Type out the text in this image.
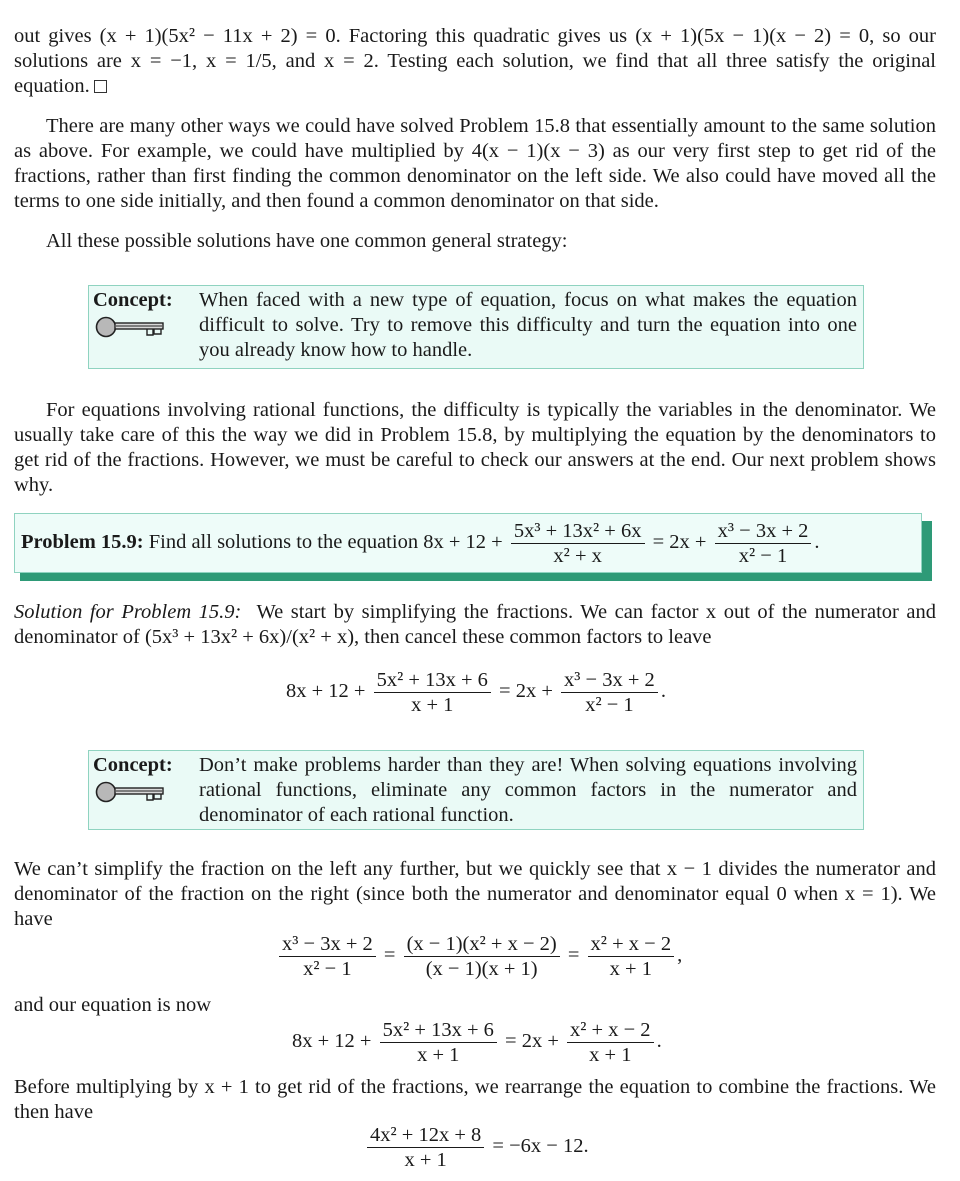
out gives (x + 1)(5x² − 11x + 2) = 0. Factoring this quadratic gives us (x + 1)(5x − 1)(x − 2) = 0, so our

solutions are x = −1, x = 1/5, and x = 2. Testing each solution, we find that all three satisfy the original

equation.

There are many other ways we could have solved Problem 15.8 that essentially amount to the same solution as above. For example, we could have multiplied by 4(x − 1)(x − 3) as our very first step to get rid of the fractions, rather than first finding the common denominator on the left side. We also could have moved all the terms to one side initially, and then found a common denominator on that side.

All these possible solutions have one common general strategy:

Concept: When faced with a new type of equation, focus on what makes the equation difficult to solve. Try to remove this difficulty and turn the equation into one you already know how to handle.

For equations involving rational functions, the difficulty is typically the variables in the denominator. We usually take care of this the way we did in Problem 15.8, by multiplying the equation by the denominators to get rid of the fractions. However, we must be careful to check our answers at the end. Our next problem shows why.

Problem 15.9: Find all solutions to the equation $8x + 12 + \frac{\text{5x³ + 13x² + 6x}}{\text{x² + x}} = 2x + \frac{\text{x³ − 3x + 2}}{\text{x² − 1}}$ .

Solution for Problem 15.9: We start by simplifying the fractions. We can factor x out of the numerator and denominator of (5x³ + 13x² + 6x)/(x² + x), then cancel these common factors to leave

$8x + 12 + \frac{\text{5x² + 13x + 6}}{x + 1} = 2x + \frac{\text{x³ − 3x + 2}}{\text{x² − 1}}$ .
Concept: Don’t make problems harder than they are! When solving equations involving rational functions, eliminate any common factors in the numerator and denominator of each rational function.

We can’t simplify the fraction on the left any further, but we quickly see that x − 1 divides the numerator and denominator of the fraction on the right (since both the numerator and denominator equal 0 when x = 1). We have

$\frac{\text{x³ − 3x + 2}}{\text{x² − 1}} = \frac{\text{(x − 1)(x² + x − 2)}}{(x - 1)(x + 1)} = \frac{\text{x² + x − 2}}{x + 1}$ ,

and our equation is now

$8x + 12 + \frac{\text{5x² + 13x + 6}}{x + 1} = 2x + \frac{\text{x² + x − 2}}{x + 1}$ .

Before multiplying by x + 1 to get rid of the fractions, we rearrange the equation to combine the fractions. We then have

$\frac{\text{4x² + 12x + 8}}{x + 1} = -6x - 12$.
